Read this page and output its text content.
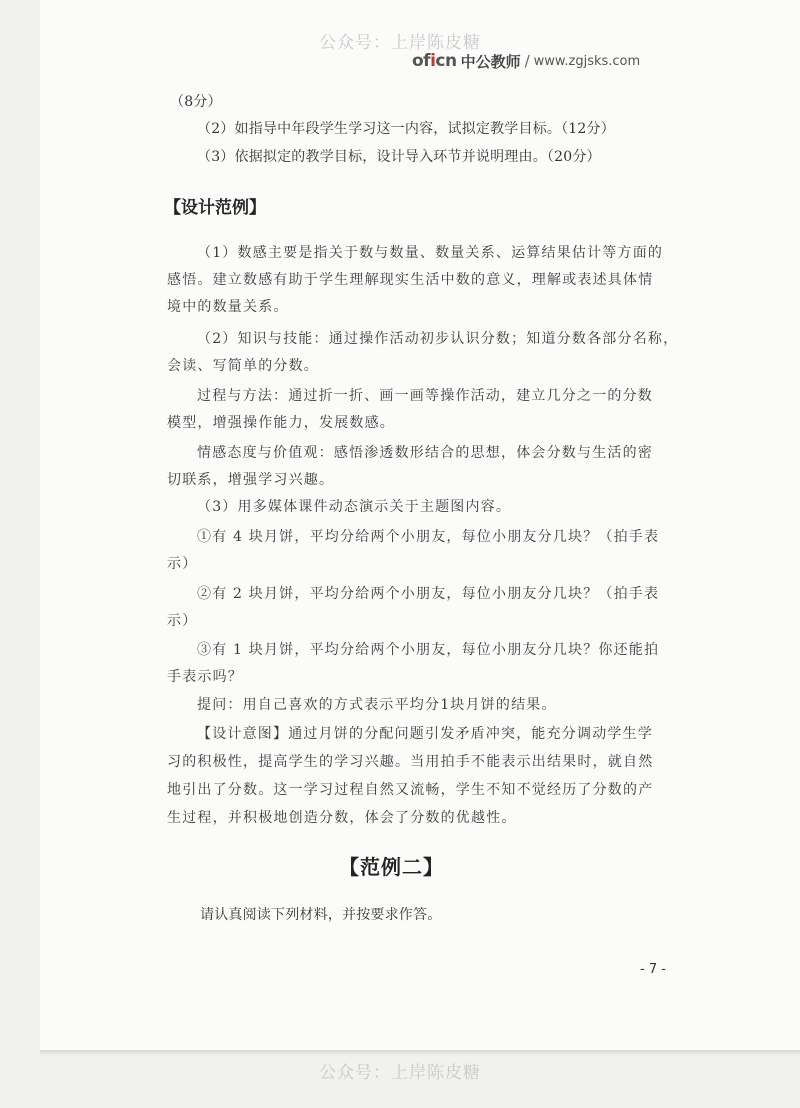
公众号：上岸陈皮糖
oficn 中公教师 / www.zgjsks.com
（8分）
（2）如指导中年段学生学习这一内容，试拟定教学目标。（12分）
（3）依据拟定的教学目标，设计导入环节并说明理由。（20分）
【设计范例】
（1）数感主要是指关于数与数量、数量关系、运算结果估计等方面的
感悟。建立数感有助于学生理解现实生活中数的意义，理解或表述具体情
境中的数量关系。
（2）知识与技能：通过操作活动初步认识分数；知道分数各部分名称，
会读、写简单的分数。
过程与方法：通过折一折、画一画等操作活动，建立几分之一的分数
模型，增强操作能力，发展数感。
情感态度与价值观：感悟渗透数形结合的思想，体会分数与生活的密
切联系，增强学习兴趣。
（3）用多媒体课件动态演示关于主题图内容。
①有 4 块月饼，平均分给两个小朋友，每位小朋友分几块？（拍手表
示）
②有 2 块月饼，平均分给两个小朋友，每位小朋友分几块？（拍手表
示）
③有 1 块月饼，平均分给两个小朋友，每位小朋友分几块？你还能拍
手表示吗？
提问：用自己喜欢的方式表示平均分1块月饼的结果。
【设计意图】通过月饼的分配问题引发矛盾冲突，能充分调动学生学
习的积极性，提高学生的学习兴趣。当用拍手不能表示出结果时，就自然
地引出了分数。这一学习过程自然又流畅，学生不知不觉经历了分数的产
生过程，并积极地创造分数，体会了分数的优越性。
【范例二】
请认真阅读下列材料，并按要求作答。
- 7 -
公众号：上岸陈皮糖
